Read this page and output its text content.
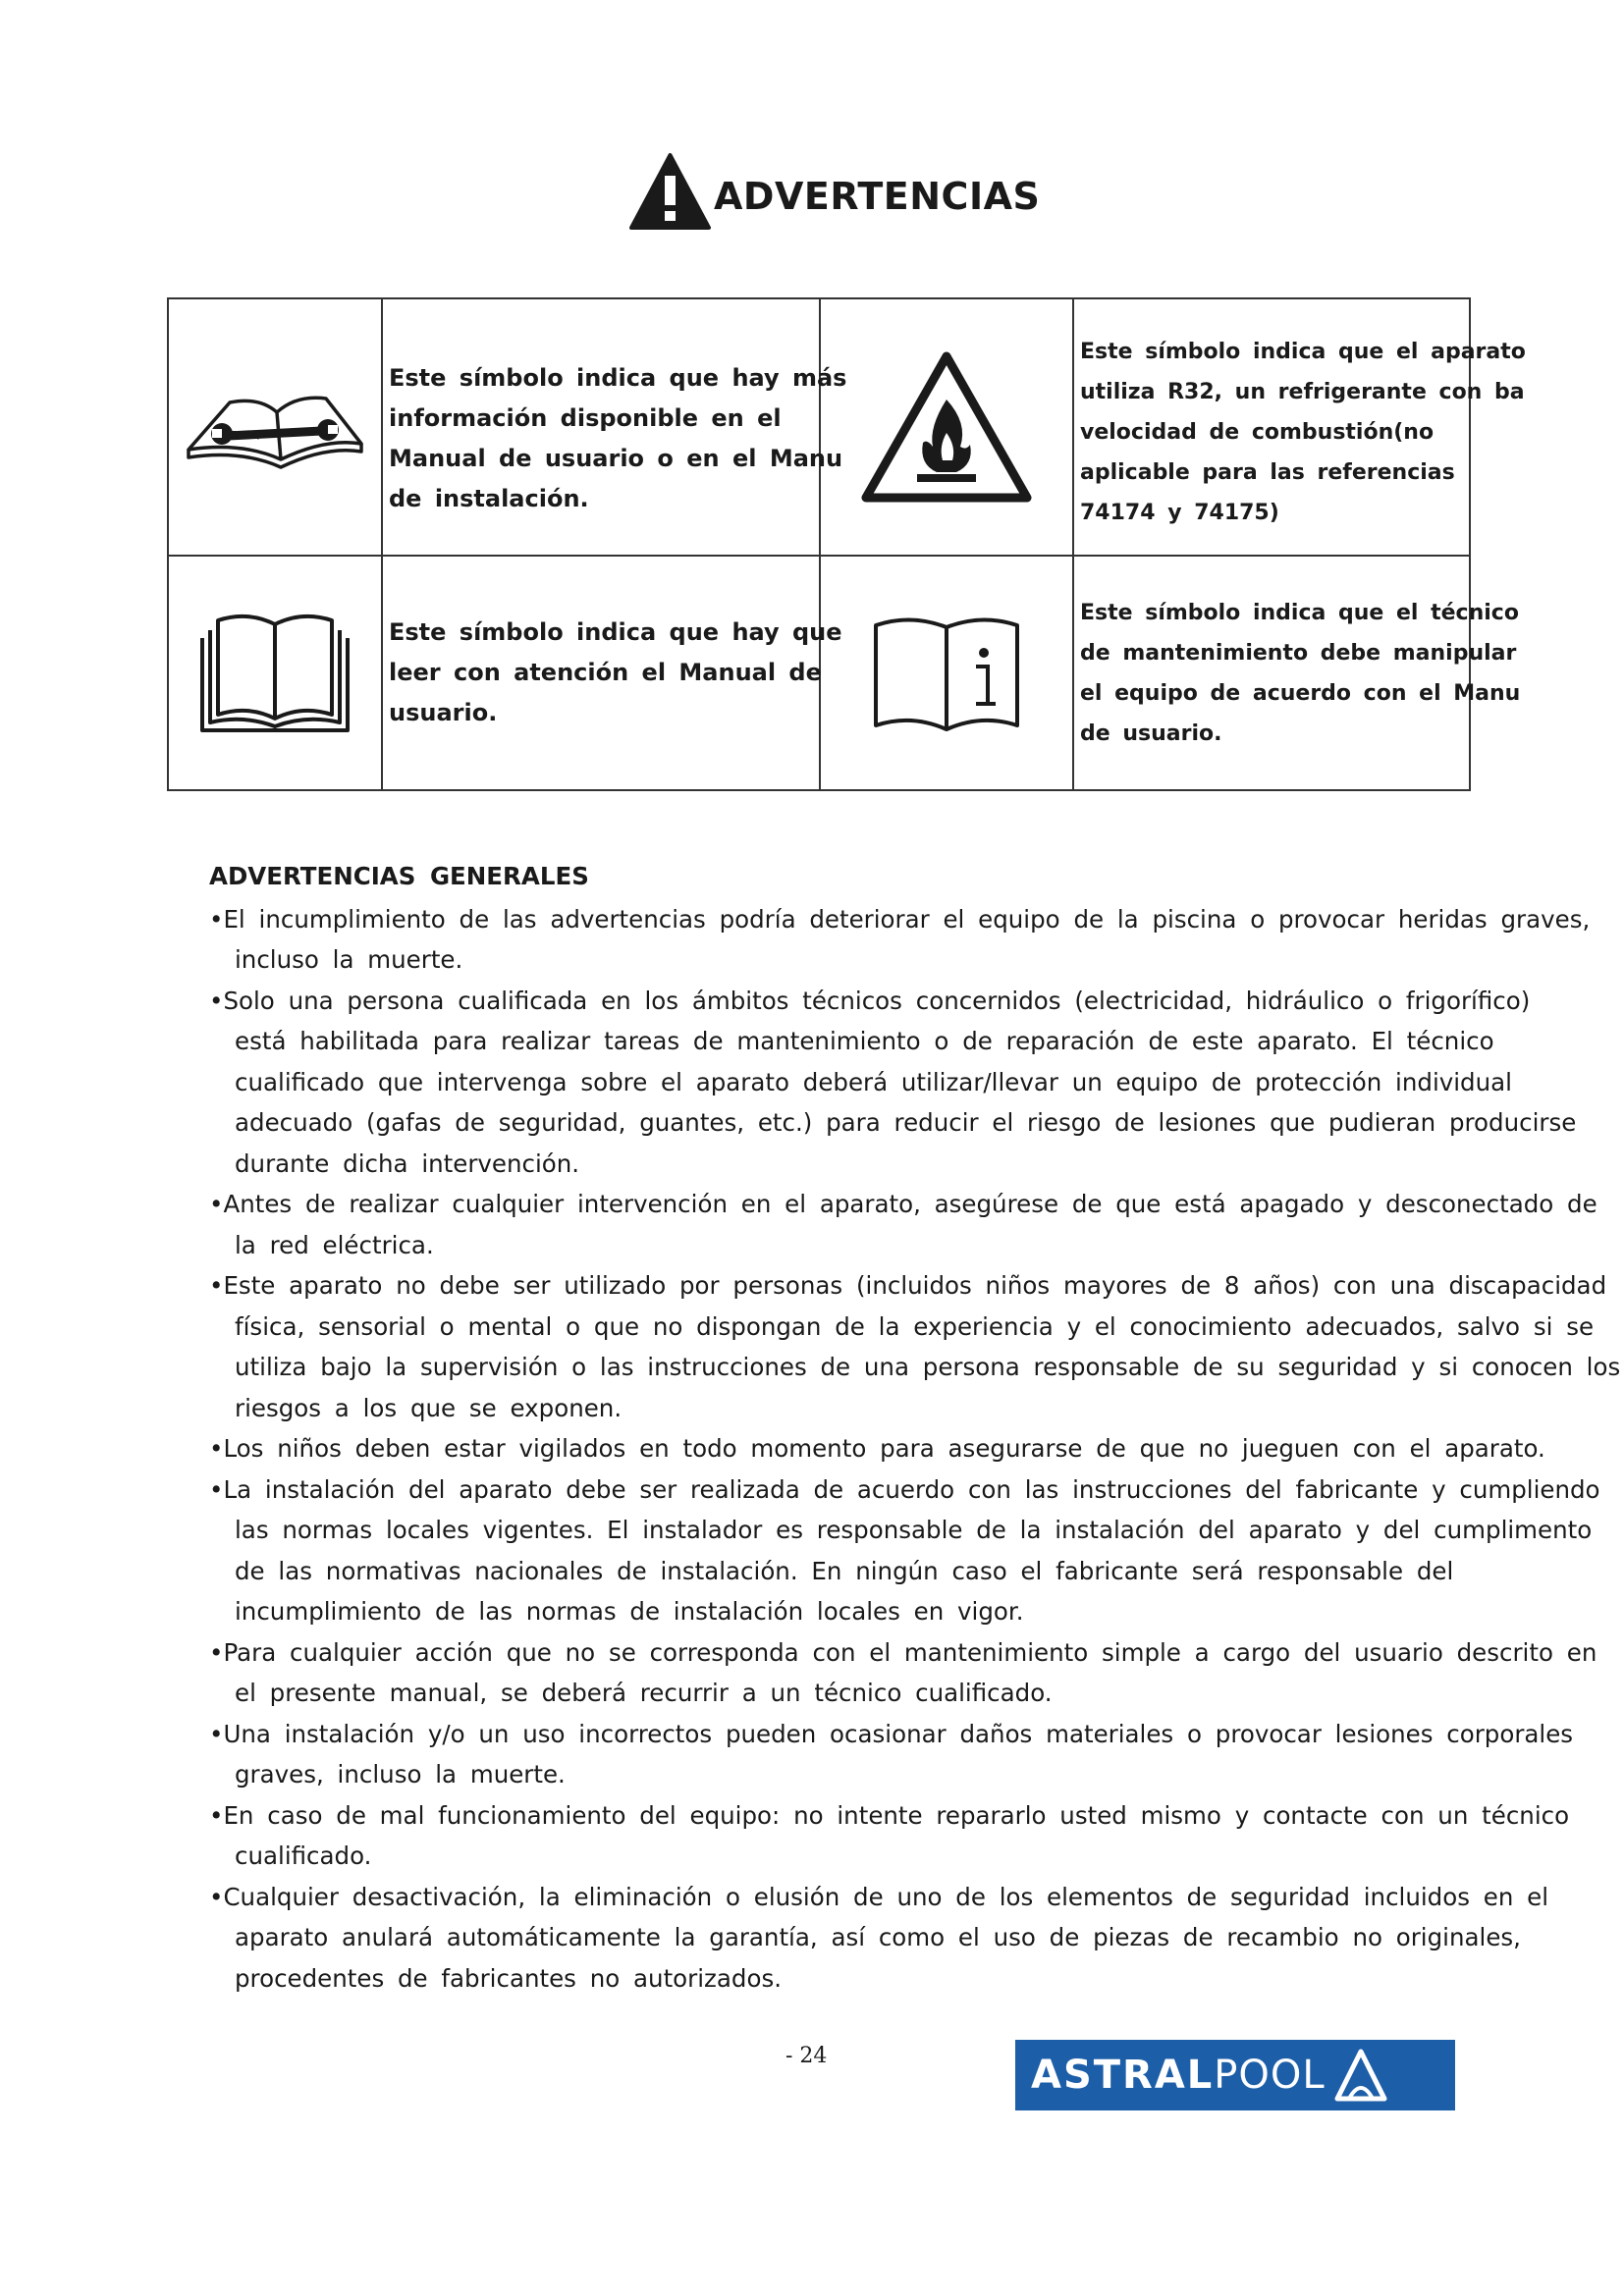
ADVERTENCIAS

Este símbolo indica que hay más
información disponible en el
Manual de usuario o en el Manu
de instalación.		Este símbolo indica que el aparato
utiliza R32, un refrigerante con ba
velocidad de combustión(no
aplicable para las referencias
74174 y 74175)

Este símbolo indica que hay que
leer con atención el Manual de
usuario.		Este símbolo indica que el técnico
de mantenimiento debe manipular
el equipo de acuerdo con el Manu
de usuario.
ADVERTENCIAS GENERALES
•El incumplimiento de las advertencias podría deteriorar el equipo de la piscina o provocar heridas graves,
incluso la muerte.
•Solo una persona cualificada en los ámbitos técnicos concernidos (electricidad, hidráulico o frigorífico)
está habilitada para realizar tareas de mantenimiento o de reparación de este aparato. El técnico
cualificado que intervenga sobre el aparato deberá utilizar/llevar un equipo de protección individual
adecuado (gafas de seguridad, guantes, etc.) para reducir el riesgo de lesiones que pudieran producirse
durante dicha intervención.
•Antes de realizar cualquier intervención en el aparato, asegúrese de que está apagado y desconectado de
la red eléctrica.
•Este aparato no debe ser utilizado por personas (incluidos niños mayores de 8 años) con una discapacidad
física, sensorial o mental o que no dispongan de la experiencia y el conocimiento adecuados, salvo si se
utiliza bajo la supervisión o las instrucciones de una persona responsable de su seguridad y si conocen los
riesgos a los que se exponen.
•Los niños deben estar vigilados en todo momento para asegurarse de que no jueguen con el aparato.
•La instalación del aparato debe ser realizada de acuerdo con las instrucciones del fabricante y cumpliendo
las normas locales vigentes. El instalador es responsable de la instalación del aparato y del cumplimento
de las normativas nacionales de instalación. En ningún caso el fabricante será responsable del
incumplimiento de las normas de instalación locales en vigor.
•Para cualquier acción que no se corresponda con el mantenimiento simple a cargo del usuario descrito en
el presente manual, se deberá recurrir a un técnico cualificado.
•Una instalación y/o un uso incorrectos pueden ocasionar daños materiales o provocar lesiones corporales
graves, incluso la muerte.
•En caso de mal funcionamiento del equipo: no intente repararlo usted mismo y contacte con un técnico
cualificado.
•Cualquier desactivación, la eliminación o elusión de uno de los elementos de seguridad incluidos en el
aparato anulará automáticamente la garantía, así como el uso de piezas de recambio no originales,
procedentes de fabricantes no autorizados.
- 24	ASTRAL POOL
